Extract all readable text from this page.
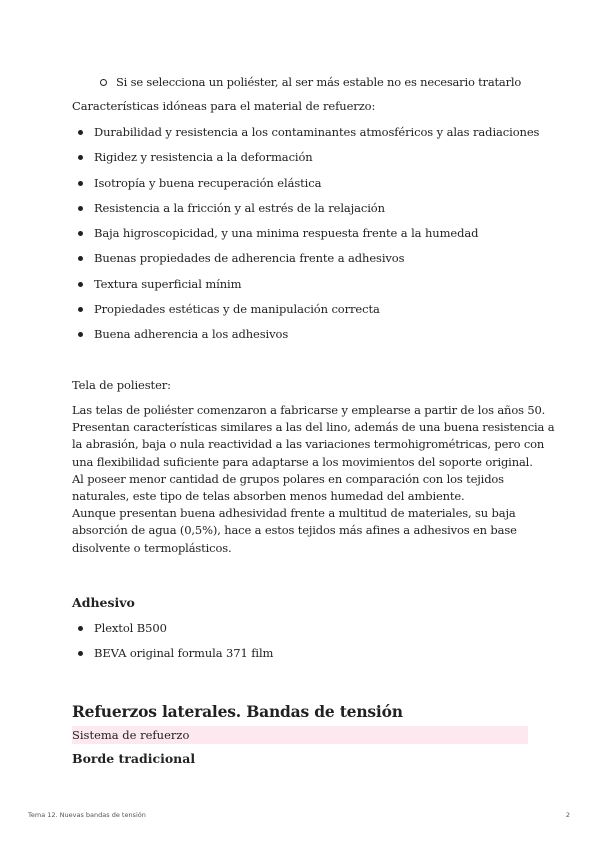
Si se selecciona un poliéster, al ser más estable no es necesario tratarlo
Características idóneas para el material de refuerzo:
Durabilidad y resistencia a los contaminantes atmosféricos y alas radiaciones
Rigidez y resistencia a la deformación
Isotropía y buena recuperación elástica
Resistencia a la fricción y al estrés de la relajación
Baja higroscopicidad, y una minima respuesta frente a la humedad
Buenas propiedades de adherencia frente a adhesivos
Textura superficial mínim
Propiedades estéticas y de manipulación correcta
Buena adherencia a los adhesivos
Tela de poliester:
Las telas de poliéster comenzaron a fabricarse y emplearse a partir de los años 50.
Presentan características similares a las del lino, además de una buena resistencia a
la abrasión, baja o nula reactividad a las variaciones termohigrométricas, pero con
una flexibilidad suficiente para adaptarse a los movimientos del soporte original.
Al poseer menor cantidad de grupos polares en comparación con los tejidos
naturales, este tipo de telas absorben menos humedad del ambiente.
Aunque presentan buena adhesividad frente a multitud de materiales, su baja
absorción de agua (0,5%), hace a estos tejidos más afines a adhesivos en base
disolvente o termoplásticos.
Adhesivo
Plextol B500
BEVA original formula 371 film
Refuerzos laterales. Bandas de tensión
Sistema de refuerzo
Borde tradicional
Tema 12. Nuevas bandas de tensión	2
